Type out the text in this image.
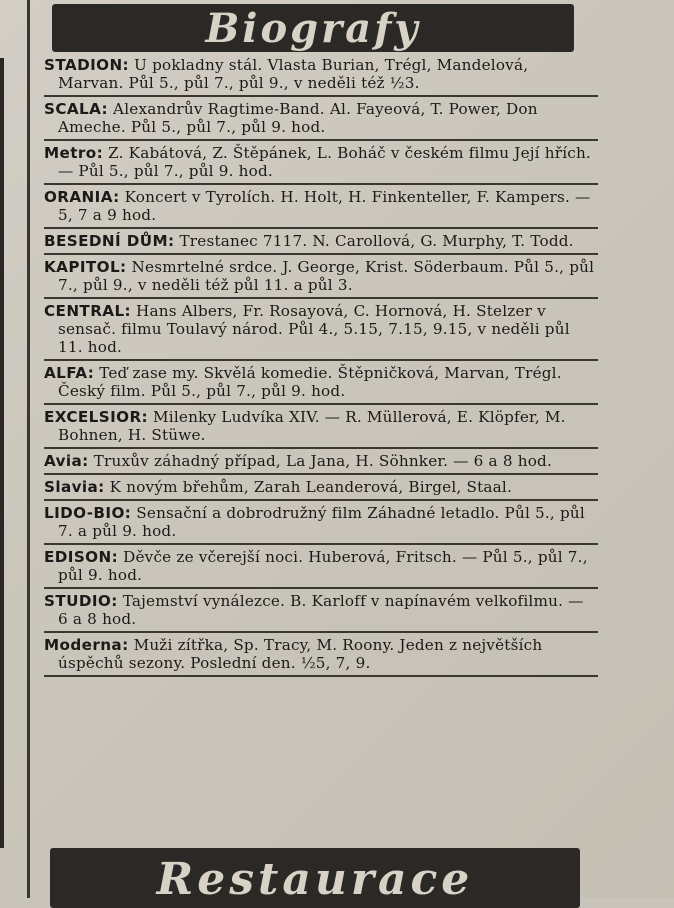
Biografy
STADION: U pokladny stál. Vlasta Burian, Trégl, Mandelová, Marvan. Půl 5., půl 7., půl 9., v neděli též ½3.
SCALA: Alexandrův Ragtime-Band. Al. Fayeová, T. Power, Don Ameche. Půl 5., půl 7., půl 9. hod.
Metro: Z. Kabátová, Z. Štěpánek, L. Boháč v českém filmu Její hřích. — Půl 5., půl 7., půl 9. hod.
ORANIA: Koncert v Tyrolích. H. Holt, H. Finkenteller, F. Kampers. — 5, 7 a 9 hod.
BESEDNÍ DŮM: Trestanec 7117. N. Carollová, G. Murphy, T. Todd.
KAPITOL: Nesmrtelné srdce. J. George, Krist. Söderbaum. Půl 5., půl 7., půl 9., v neděli též půl 11. a půl 3.
CENTRAL: Hans Albers, Fr. Rosayová, C. Hornová, H. Stelzer v sensač. filmu Toulavý národ. Půl 4., 5.15, 7.15, 9.15, v neděli půl 11. hod.
ALFA: Teď zase my. Skvělá komedie. Štěpničková, Marvan, Trégl. Český film. Půl 5., půl 7., půl 9. hod.
EXCELSIOR: Milenky Ludvíka XIV. — R. Müllerová, E. Klöpfer, M. Bohnen, H. Stüwe.
Avia: Truxův záhadný případ, La Jana, H. Söhnker. — 6 a 8 hod.
Slavia: K novým břehům, Zarah Leanderová, Birgel, Staal.
LIDO-BIO: Sensační a dobrodružný film Záhadné letadlo. Půl 5., půl 7. a půl 9. hod.
EDISON: Děvče ze včerejší noci. Huberová, Fritsch. — Půl 5., půl 7., půl 9. hod.
STUDIO: Tajemství vynálezce. B. Karloff v napínavém velkofilmu. — 6 a 8 hod.
Moderna: Muži zítřka, Sp. Tracy, M. Roony. Jeden z největších úspěchů sezony. Poslední den. ½5, 7, 9.
Restaurace
